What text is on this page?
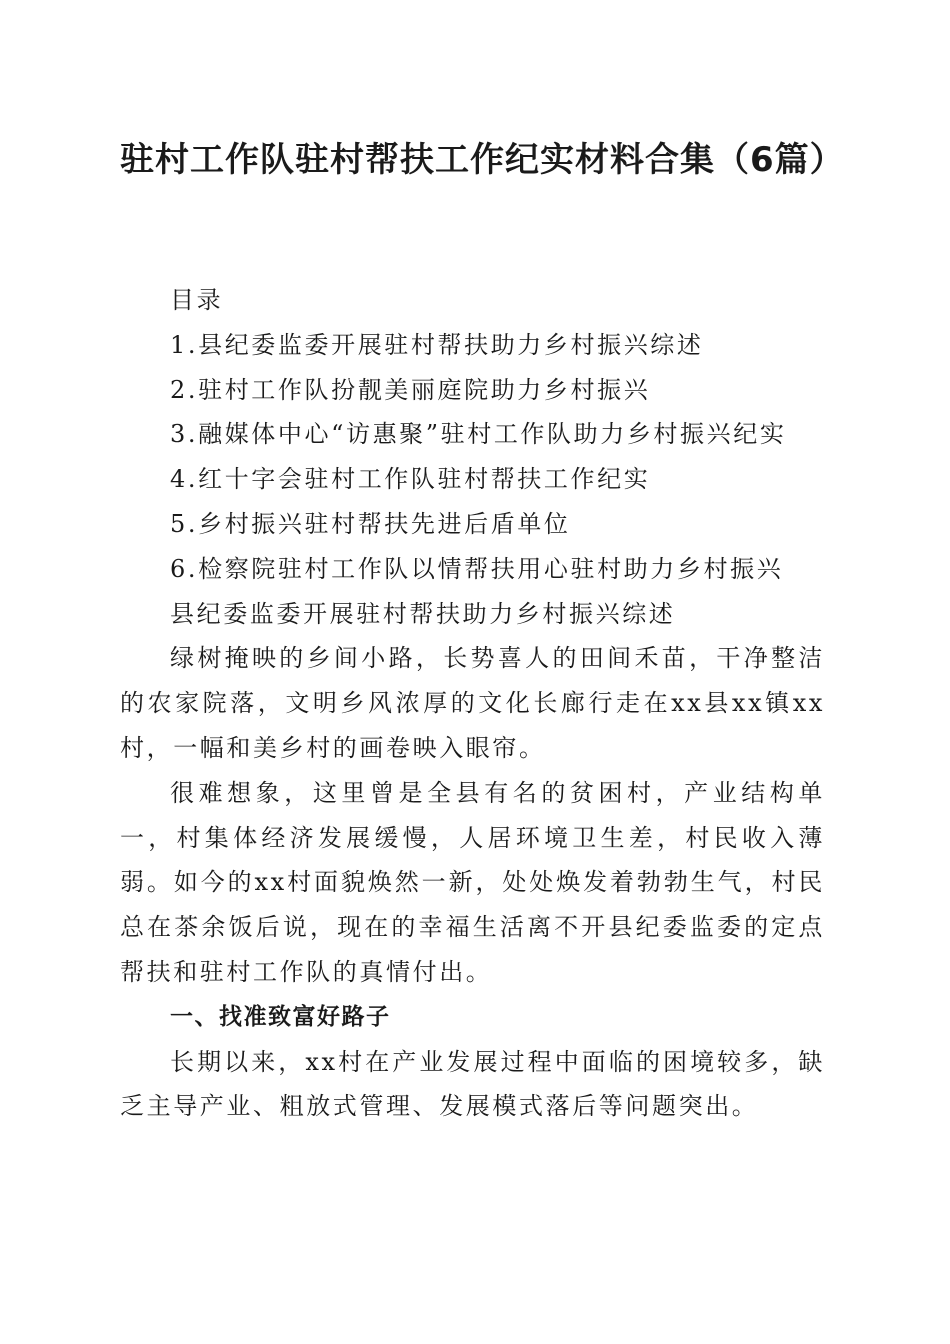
驻村工作队驻村帮扶工作纪实材料合集（6篇）

目录

1.县纪委监委开展驻村帮扶助力乡村振兴综述

2.驻村工作队扮靓美丽庭院助力乡村振兴

3.融媒体中心“访惠聚”驻村工作队助力乡村振兴纪实

4.红十字会驻村工作队驻村帮扶工作纪实

5.乡村振兴驻村帮扶先进后盾单位

6.检察院驻村工作队以情帮扶用心驻村助力乡村振兴

县纪委监委开展驻村帮扶助力乡村振兴综述

绿树掩映的乡间小路，长势喜人的田间禾苗，干净整洁的农家院落，文明乡风浓厚的文化长廊行走在xx县xx镇xx村，一幅和美乡村的画卷映入眼帘。

很难想象，这里曾是全县有名的贫困村，产业结构单一，村集体经济发展缓慢，人居环境卫生差，村民收入薄弱。如今的xx村面貌焕然一新，处处焕发着勃勃生气，村民总在茶余饭后说，现在的幸福生活离不开县纪委监委的定点帮扶和驻村工作队的真情付出。

一、找准致富好路子

长期以来，xx村在产业发展过程中面临的困境较多，缺乏主导产业、粗放式管理、发展模式落后等问题突出。
